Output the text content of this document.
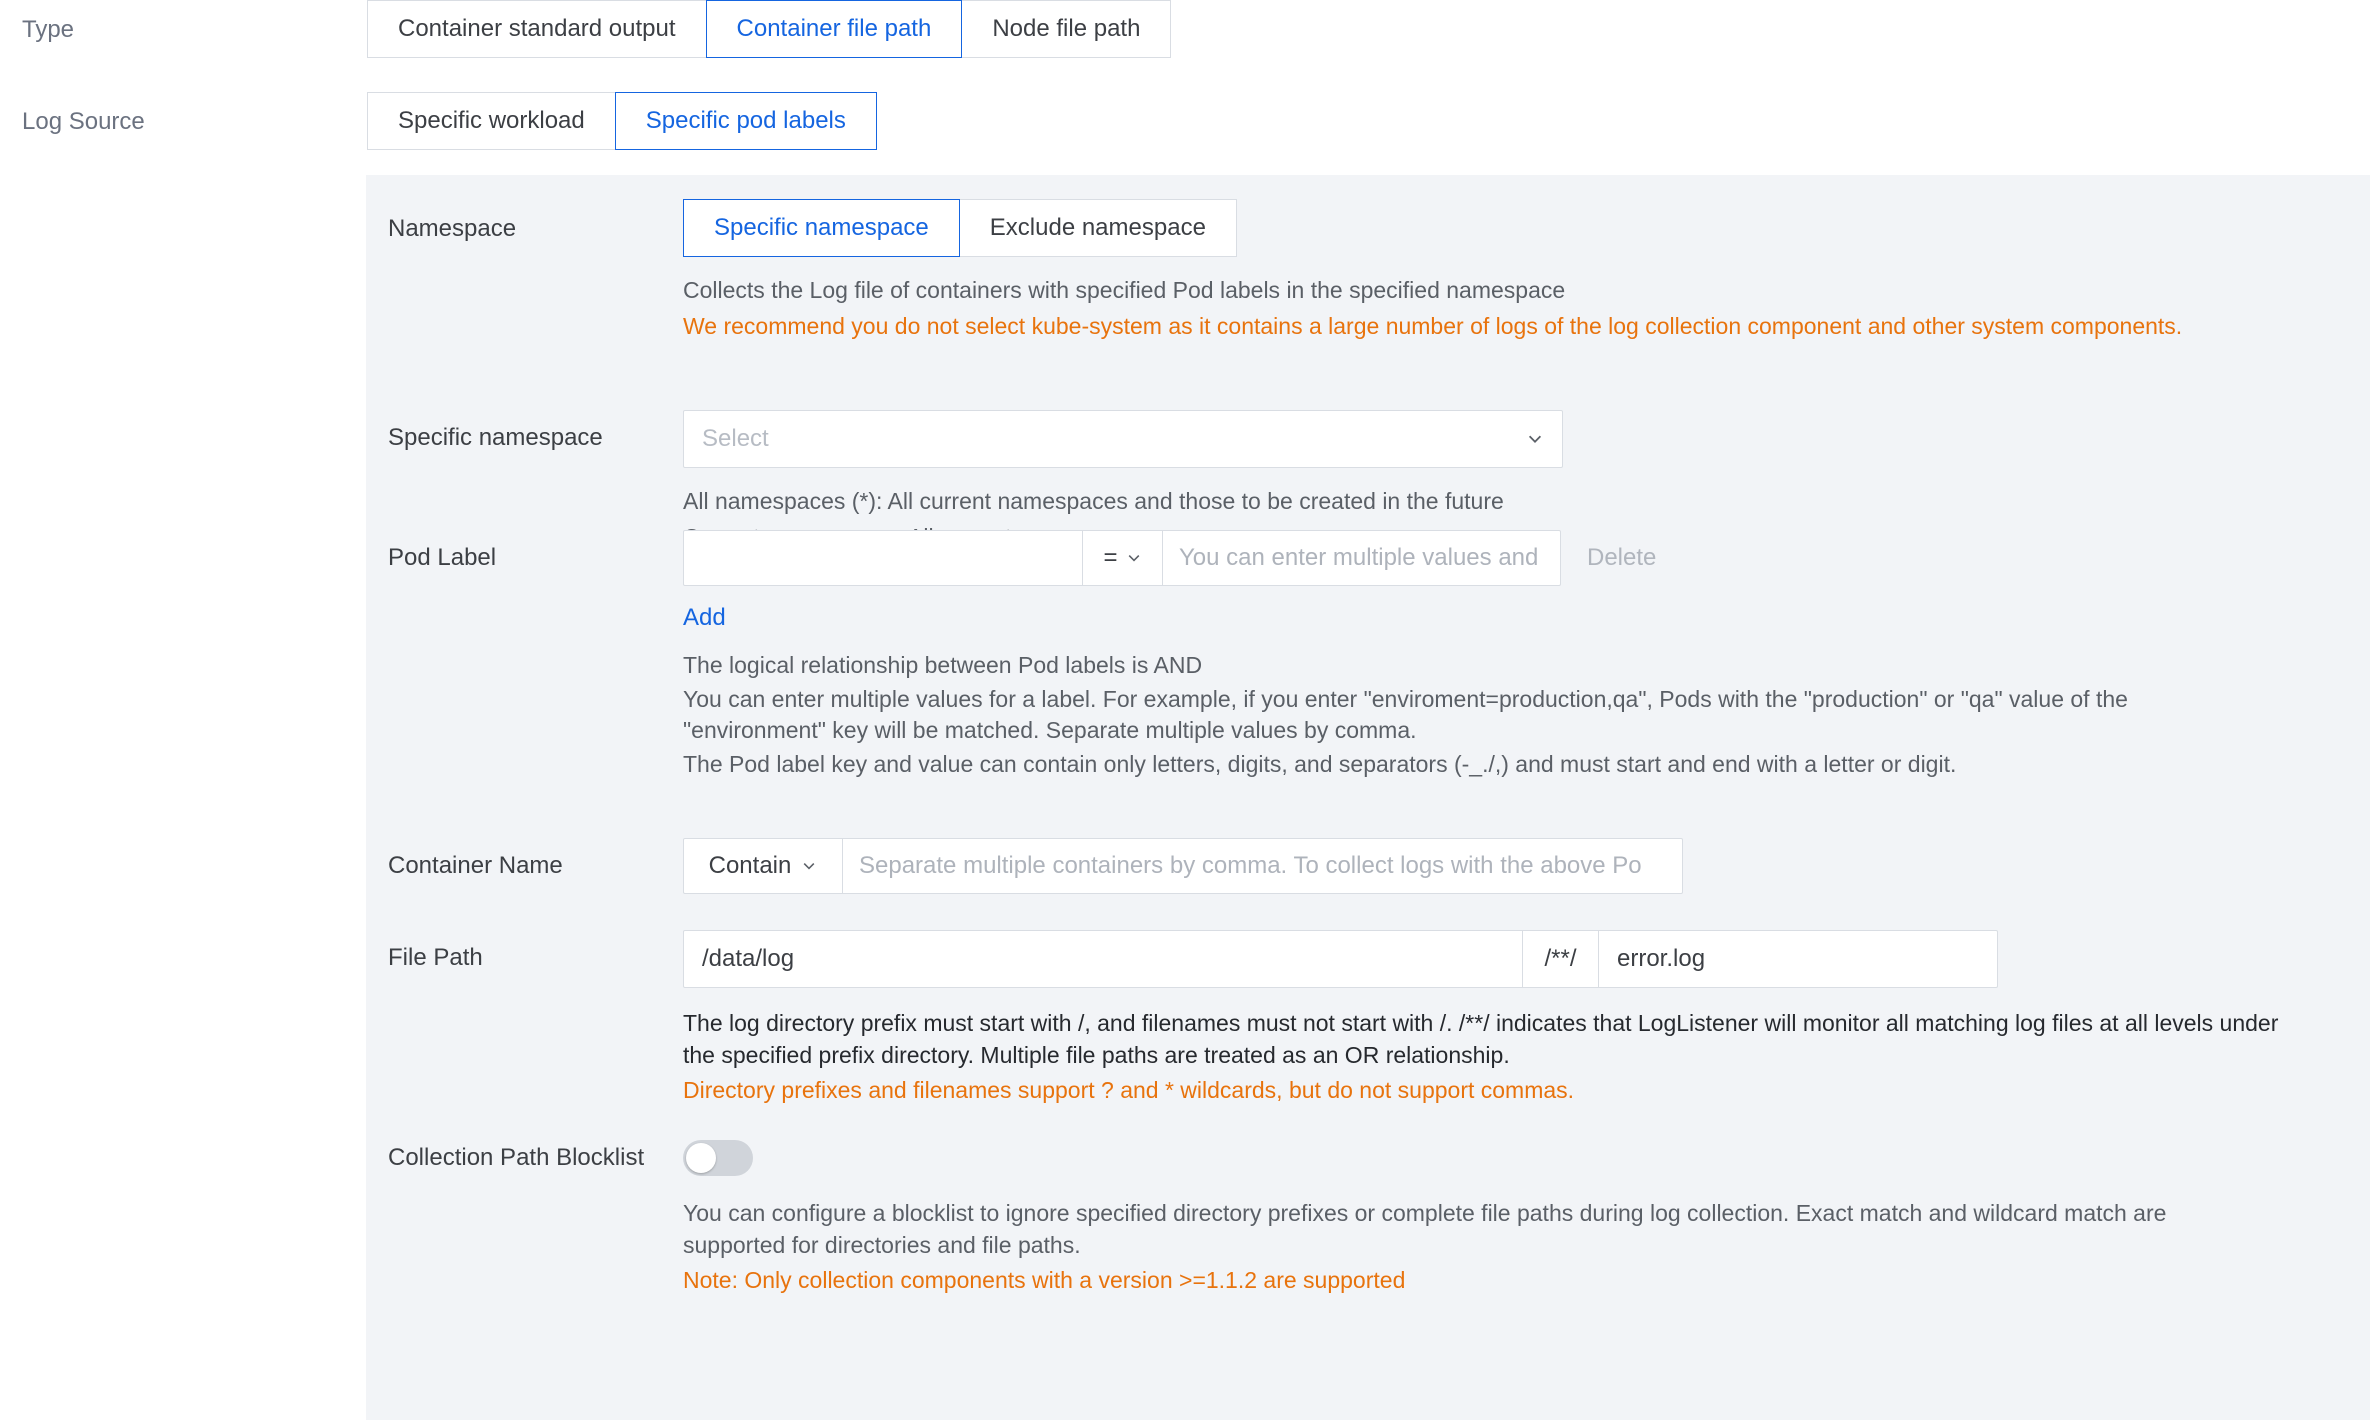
Type	Container standard output	Container file path	Node file path
Log Source	Specific workload	Specific pod labels
Namespace	Specific namespace	Exclude namespace
Collects the Log file of containers with specified Pod labels in the specified namespace
We recommend you do not select kube-system as it contains a large number of logs of the log collection component and other system components.
Specific namespace	Select
All namespaces (*): All current namespaces and those to be created in the future
Pod Label	=	You can enter multiple values and	Delete
Add
The logical relationship between Pod labels is AND
You can enter multiple values for a label. For example, if you enter "enviroment=production,qa", Pods with the "production" or "qa" value of the "environment" key will be matched. Separate multiple values by comma.
The Pod label key and value can contain only letters, digits, and separators (-_./,) and must start and end with a letter or digit.
Container Name	Contain	Separate multiple containers by comma. To collect logs with the above Po
File Path	/data/log	/**/	error.log
The log directory prefix must start with /, and filenames must not start with /. /**/ indicates that LogListener will monitor all matching log files at all levels under the specified prefix directory. Multiple file paths are treated as an OR relationship.
Directory prefixes and filenames support ? and * wildcards, but do not support commas.
Collection Path Blocklist
You can configure a blocklist to ignore specified directory prefixes or complete file paths during log collection. Exact match and wildcard match are supported for directories and file paths.
Note: Only collection components with a version >=1.1.2 are supported
